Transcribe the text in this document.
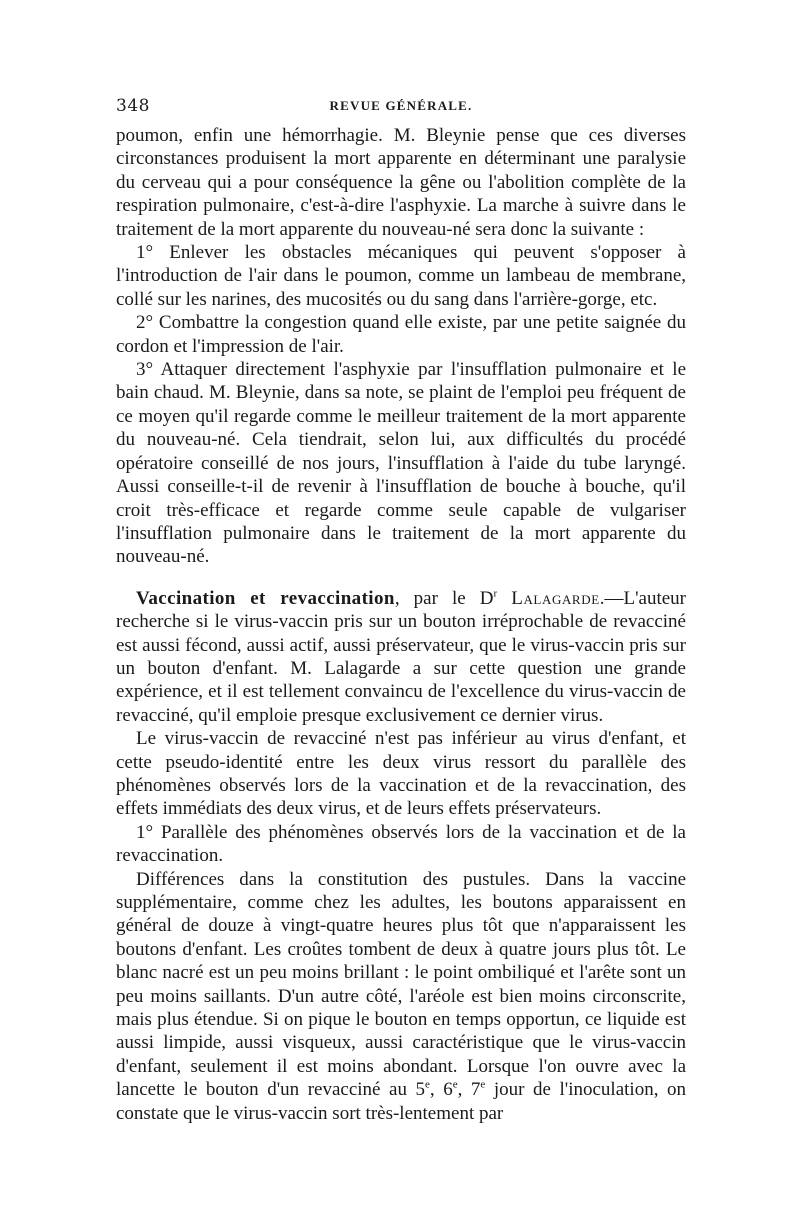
348	REVUE GÉNÉRALE.

poumon, enfin une hémorrhagie. M. Bleynie pense que ces diverses circonstances produisent la mort apparente en déterminant une paralysie du cerveau qui a pour conséquence la gêne ou l'abolition complète de la respiration pulmonaire, c'est-à-dire l'asphyxie. La marche à suivre dans le traitement de la mort apparente du nouveau-né sera donc la suivante :

1° Enlever les obstacles mécaniques qui peuvent s'opposer à l'introduction de l'air dans le poumon, comme un lambeau de membrane, collé sur les narines, des mucosités ou du sang dans l'arrière-gorge, etc.

2° Combattre la congestion quand elle existe, par une petite saignée du cordon et l'impression de l'air.

3° Attaquer directement l'asphyxie par l'insufflation pulmonaire et le bain chaud. M. Bleynie, dans sa note, se plaint de l'emploi peu fréquent de ce moyen qu'il regarde comme le meilleur traitement de la mort apparente du nouveau-né. Cela tiendrait, selon lui, aux difficultés du procédé opératoire conseillé de nos jours, l'insufflation à l'aide du tube laryngé. Aussi conseille-t-il de revenir à l'insufflation de bouche à bouche, qu'il croit très-efficace et regarde comme seule capable de vulgariser l'insufflation pulmonaire dans le traitement de la mort apparente du nouveau-né.

Vaccination et revaccination, par le $D^r$ Lalagarde.—L'auteur recherche si le virus-vaccin pris sur un bouton irréprochable de revacciné est aussi fécond, aussi actif, aussi préservateur, que le virus-vaccin pris sur un bouton d'enfant. M. Lalagarde a sur cette question une grande expérience, et il est tellement convaincu de l'excellence du virus-vaccin de revacciné, qu'il emploie presque exclusivement ce dernier virus.

Le virus-vaccin de revacciné n'est pas inférieur au virus d'enfant, et cette pseudo-identité entre les deux virus ressort du parallèle des phénomènes observés lors de la vaccination et de la revaccination, des effets immédiats des deux virus, et de leurs effets préservateurs.

1° Parallèle des phénomènes observés lors de la vaccination et de la revaccination.

Différences dans la constitution des pustules. Dans la vaccine supplémentaire, comme chez les adultes, les boutons apparaissent en général de douze à vingt-quatre heures plus tôt que n'apparaissent les boutons d'enfant. Les croûtes tombent de deux à quatre jours plus tôt. Le blanc nacré est un peu moins brillant : le point ombiliqué et l'arête sont un peu moins saillants. D'un autre côté, l'aréole est bien moins circonscrite, mais plus étendue. Si on pique le bouton en temps opportun, ce liquide est aussi limpide, aussi visqueux, aussi caractéristique que le virus-vaccin d'enfant, seulement il est moins abondant. Lorsque l'on ouvre avec la lancette le bouton d'un revacciné au 5e, 6e, 7e jour de l'inoculation, on constate que le virus-vaccin sort très-lentement par
